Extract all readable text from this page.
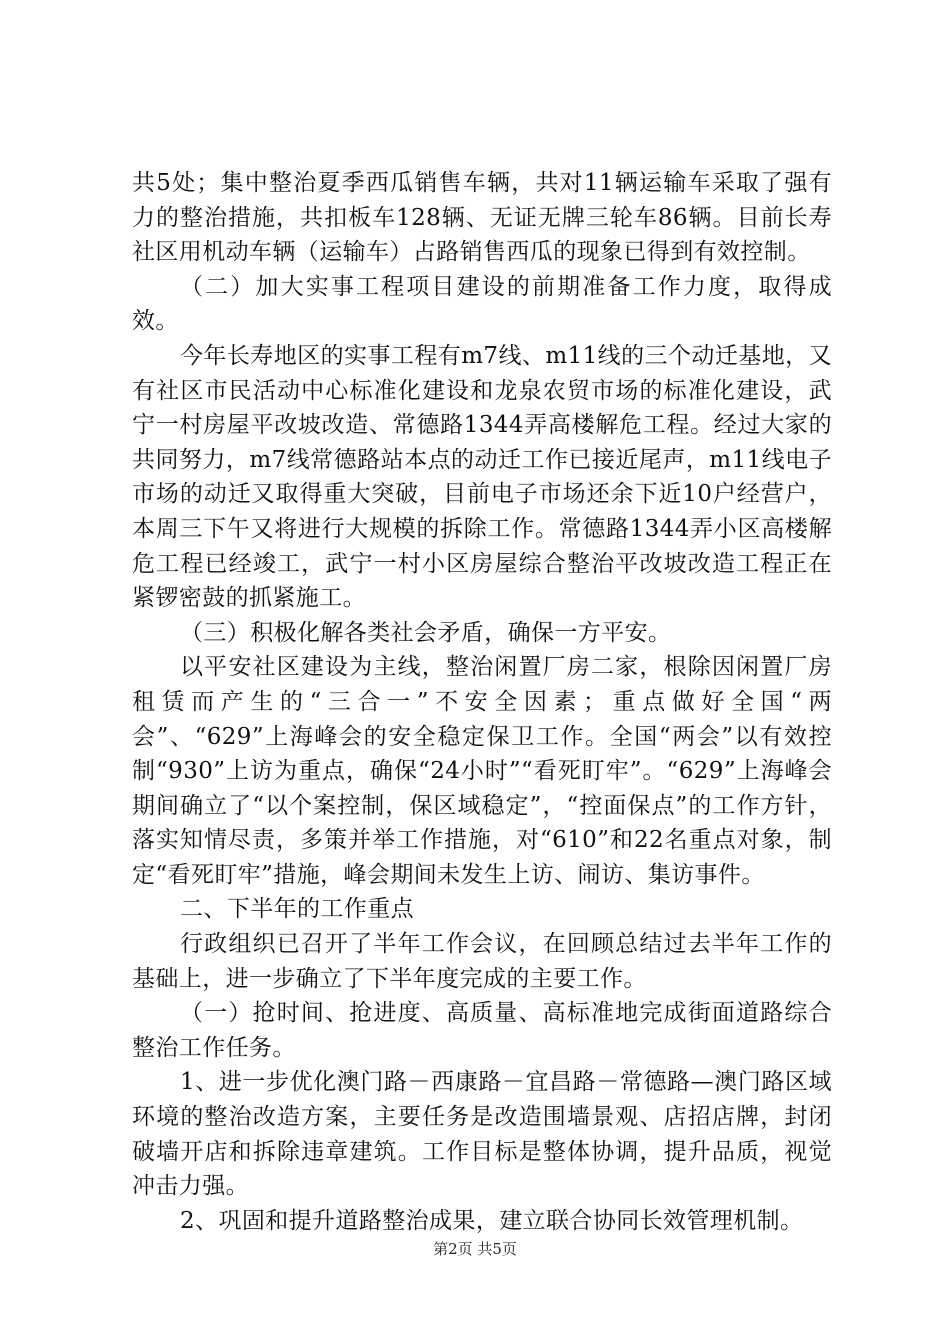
共5处；集中整治夏季西瓜销售车辆，共对11辆运输车采取了强有力的整治措施，共扣板车128辆、无证无牌三轮车86辆。目前长寿社区用机动车辆（运输车）占路销售西瓜的现象已得到有效控制。

（二）加大实事工程项目建设的前期准备工作力度，取得成效。

今年长寿地区的实事工程有m7线、m11线的三个动迁基地，又有社区市民活动中心标准化建设和龙泉农贸市场的标准化建设，武宁一村房屋平改坡改造、常德路1344弄高楼解危工程。经过大家的共同努力，m7线常德路站本点的动迁工作已接近尾声，m11线电子市场的动迁又取得重大突破，目前电子市场还余下近10户经营户，本周三下午又将进行大规模的拆除工作。常德路1344弄小区高楼解危工程已经竣工，武宁一村小区房屋综合整治平改坡改造工程正在紧锣密鼓的抓紧施工。

（三）积极化解各类社会矛盾，确保一方平安。

以平安社区建设为主线，整治闲置厂房二家，根除因闲置厂房租赁而产生的“三合一”不安全因素；重点做好全国“两会”、“629”上海峰会的安全稳定保卫工作。全国“两会”以有效控制“930”上访为重点，确保“24小时”“看死盯牢”。“629”上海峰会期间确立了“以个案控制，保区域稳定”，“控面保点”的工作方针，落实知情尽责，多策并举工作措施，对“610”和22名重点对象，制定“看死盯牢”措施，峰会期间未发生上访、闹访、集访事件。

二、下半年的工作重点

行政组织已召开了半年工作会议，在回顾总结过去半年工作的基础上，进一步确立了下半年度完成的主要工作。

（一）抢时间、抢进度、高质量、高标准地完成街面道路综合整治工作任务。

1、进一步优化澳门路－西康路－宜昌路－常德路—澳门路区域环境的整治改造方案，主要任务是改造围墙景观、店招店牌，封闭破墙开店和拆除违章建筑。工作目标是整体协调，提升品质，视觉冲击力强。

2、巩固和提升道路整治成果，建立联合协同长效管理机制。

第2页 共5页
